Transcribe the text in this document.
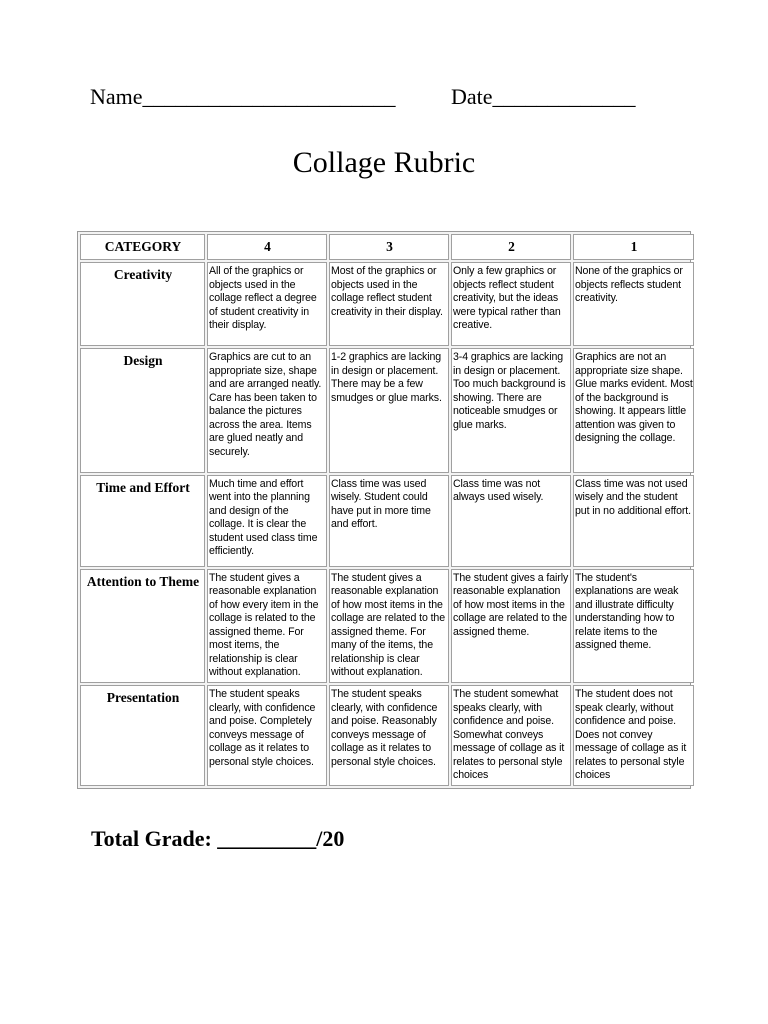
Name_______________________	Date_____________
Collage Rubric
CATEGORY	4	3	2	1
Creativity	All of the graphics or objects used in the collage reflect a degree of student creativity in their display.	Most of the graphics or objects used in the collage reflect student creativity in their display.	Only a few graphics or objects reflect student creativity, but the ideas were typical rather than creative.	None of the graphics or objects reflects student creativity.
Design	Graphics are cut to an appropriate size, shape and are arranged neatly. Care has been taken to balance the pictures across the area. Items are glued neatly and securely.	1-2 graphics are lacking in design or placement. There may be a few smudges or glue marks.	3-4 graphics are lacking in design or placement. Too much background is showing. There are noticeable smudges or glue marks.	Graphics are not an appropriate size shape. Glue marks evident. Most of the background is showing. It appears little attention was given to designing the collage.
Time and Effort	Much time and effort went into the planning and design of the collage. It is clear the student used class time efficiently.	Class time was used wisely. Student could have put in more time and effort.	Class time was not always used wisely.	Class time was not used wisely and the student put in no additional effort.
Attention to Theme	The student gives a reasonable explanation of how every item in the collage is related to the assigned theme. For most items, the relationship is clear without explanation.	The student gives a reasonable explanation of how most items in the collage are related to the assigned theme. For many of the items, the relationship is clear without explanation.	The student gives a fairly reasonable explanation of how most items in the collage are related to the assigned theme.	The student's explanations are weak and illustrate difficulty understanding how to relate items to the assigned theme.
Presentation	The student speaks clearly, with confidence and poise. Completely conveys message of collage as it relates to personal style choices.	The student speaks clearly, with confidence and poise. Reasonably conveys message of collage as it relates to personal style choices.	The student somewhat speaks clearly, with confidence and poise. Somewhat conveys message of collage as it relates to personal style choices	The student does not speak clearly, without confidence and poise. Does not convey message of collage as it relates to personal style choices
Total Grade: _________/20
